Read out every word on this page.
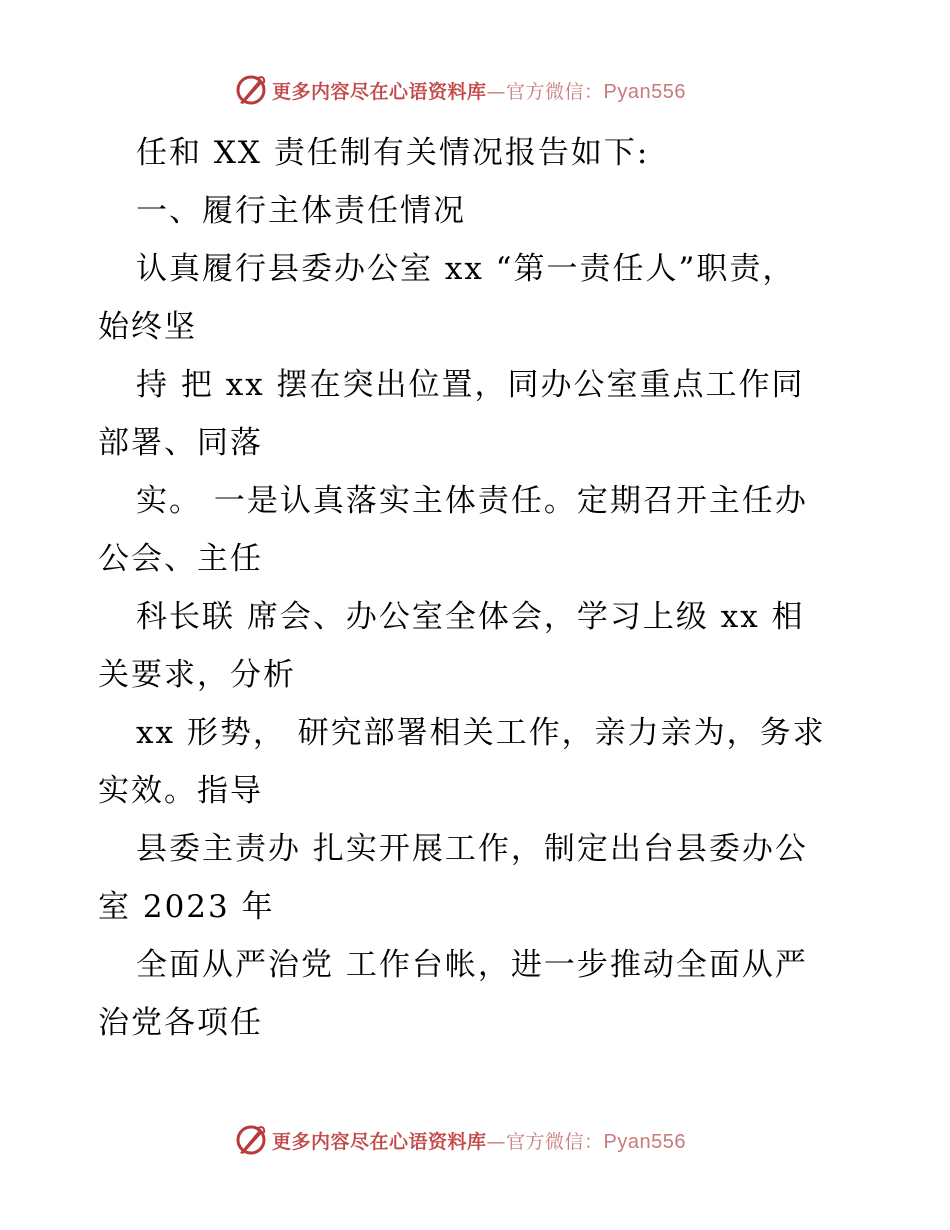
更多内容尽在心语资料库—官方微信：Pyan556
任和 XX 责任制有关情况报告如下:
一、履行主体责任情况
认真履行县委办公室 xx “第一责任人”职责，
始终坚
持 把 xx 摆在突出位置，同办公室重点工作同
部署、同落
实。 一是认真落实主体责任。定期召开主任办
公会、主任
科长联 席会、办公室全体会，学习上级 xx 相
关要求，分析
xx 形势， 研究部署相关工作，亲力亲为，务求
实效。指导
县委主责办 扎实开展工作，制定出台县委办公
室 2023 年
全面从严治党 工作台帐，进一步推动全面从严
治党各项任
更多内容尽在心语资料库—官方微信：Pyan556
